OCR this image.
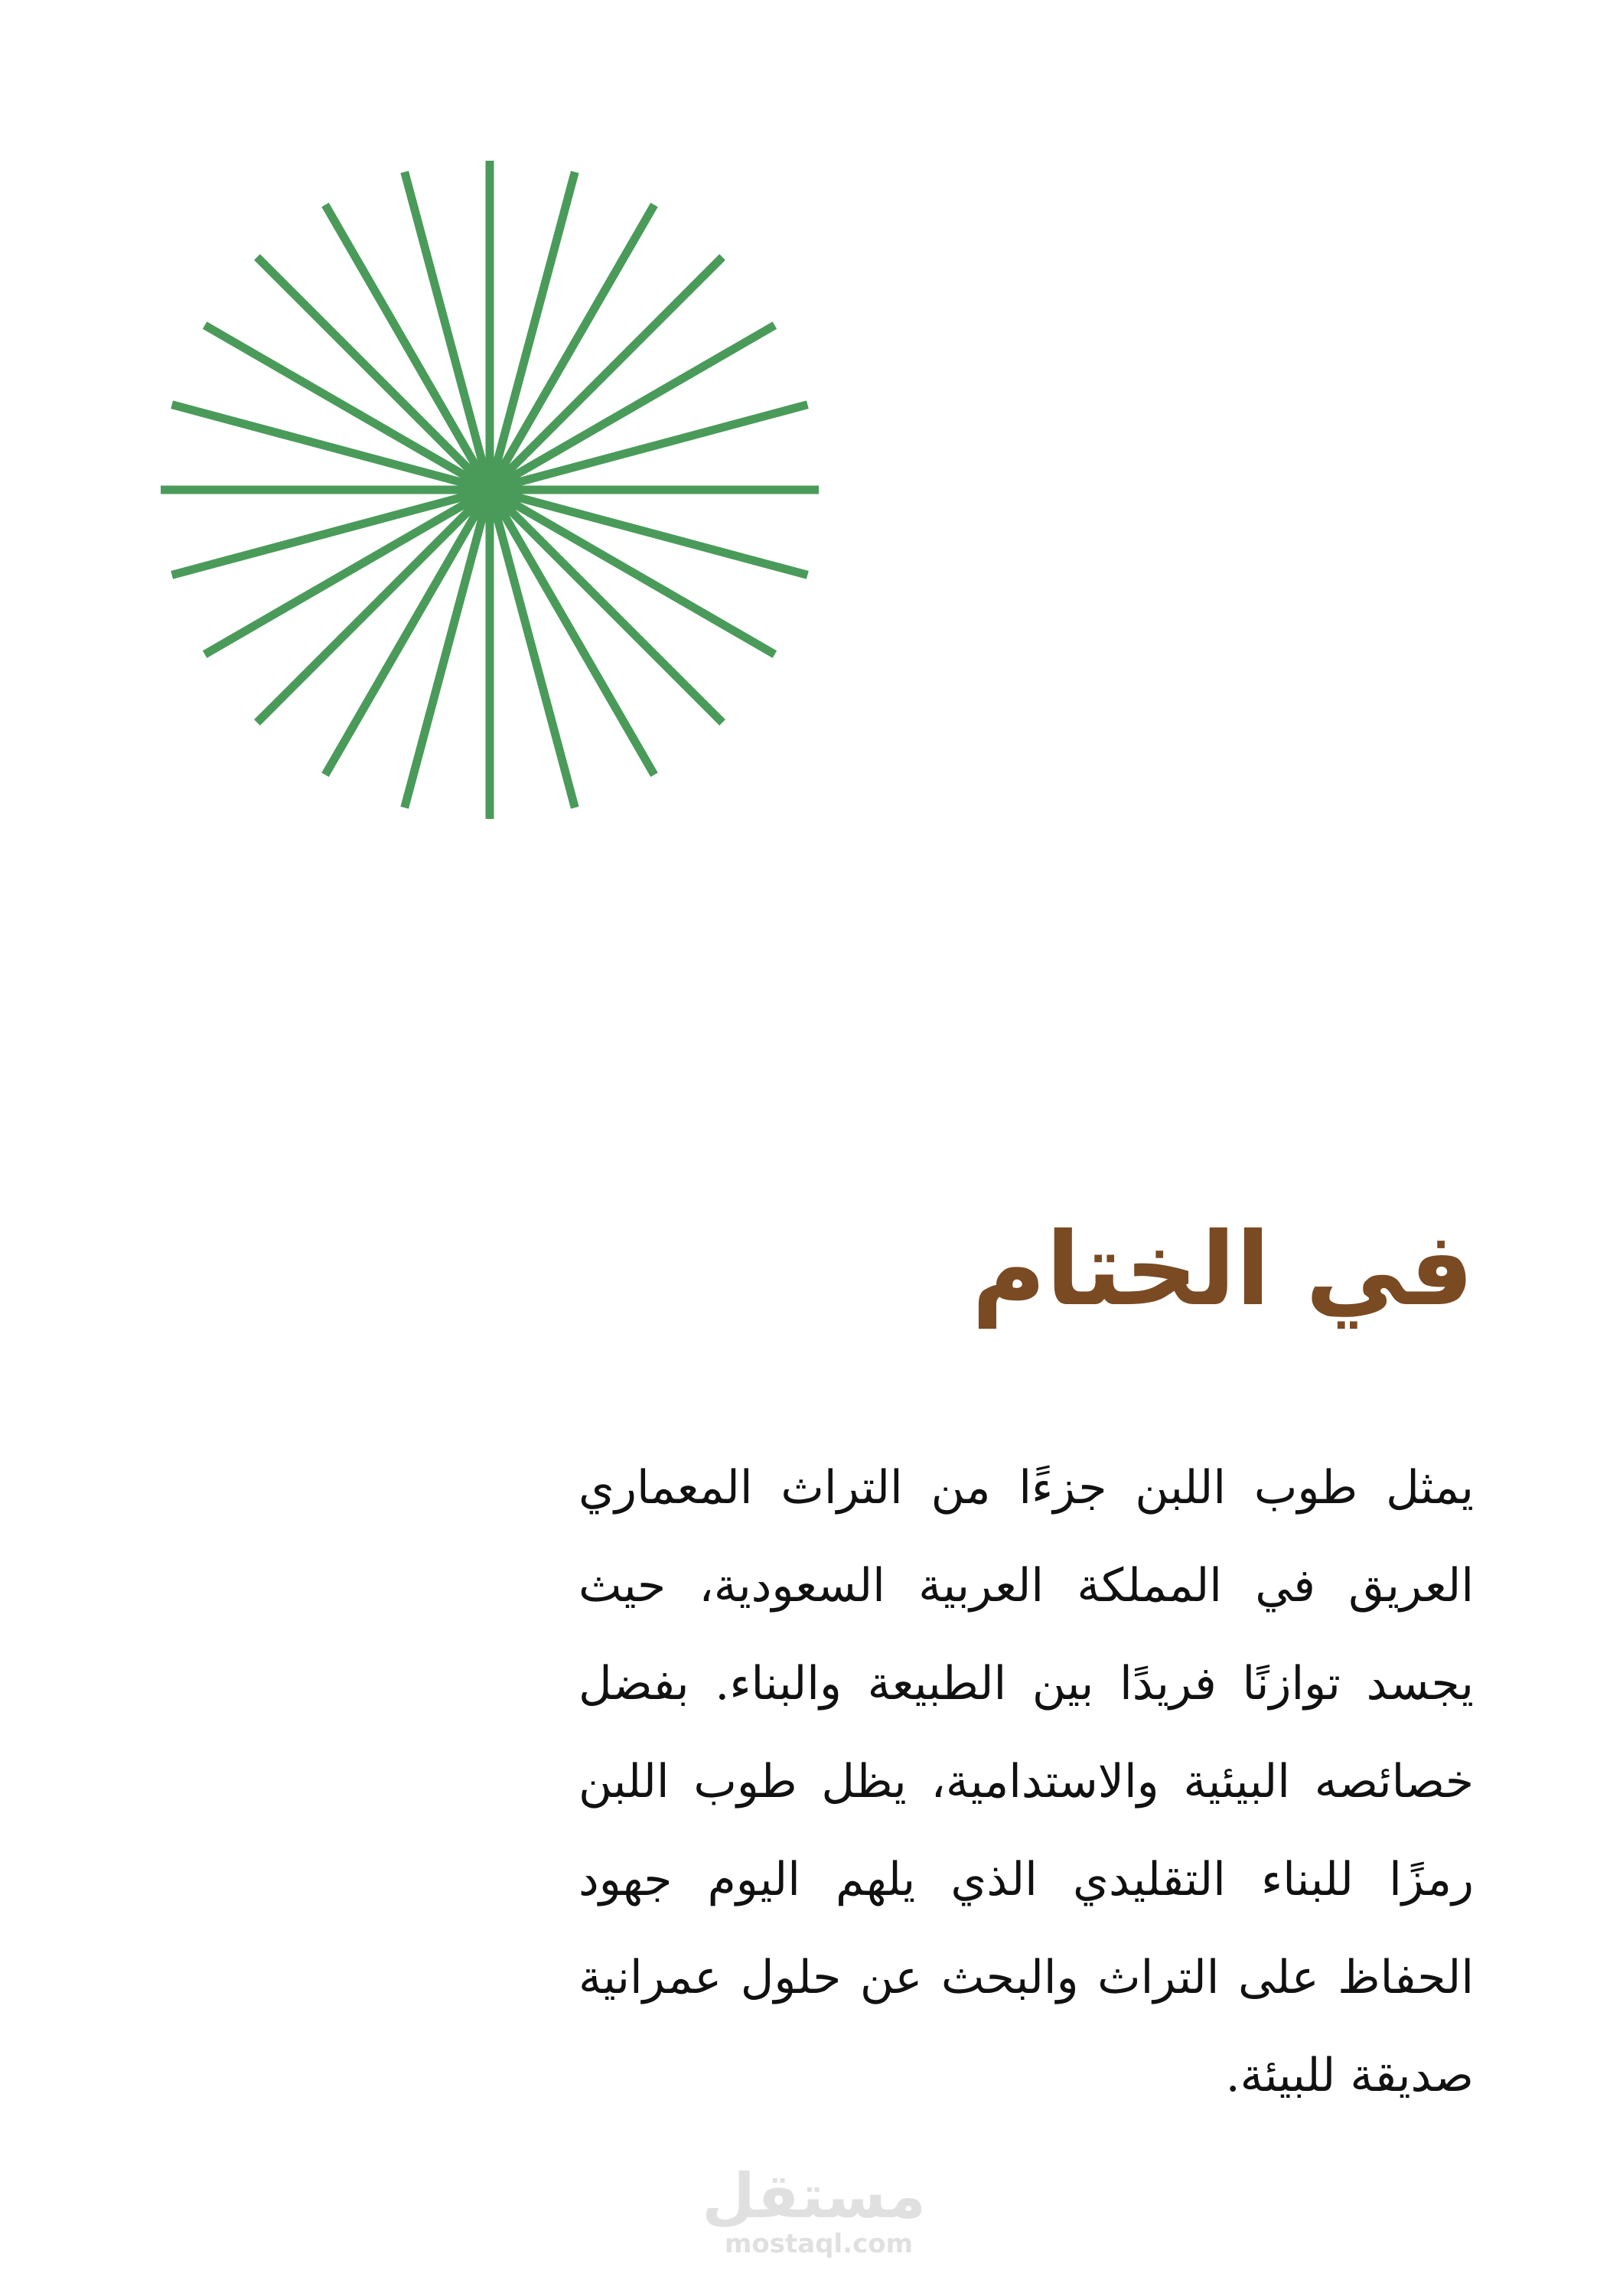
في الختام

يمثل طوب اللبن جزءًا من التراث المعماري العريق في المملكة العربية السعودية، حيث يجسد توازنًا فريدًا بين الطبيعة والبناء. بفضل خصائصه البيئية والاستدامية، يظل طوب اللبن رمزًا للبناء التقليدي الذي يلهم اليوم جهود الحفاظ على التراث والبحث عن حلول عمرانية صديقة للبيئة.

مستقل
mostaql.com
